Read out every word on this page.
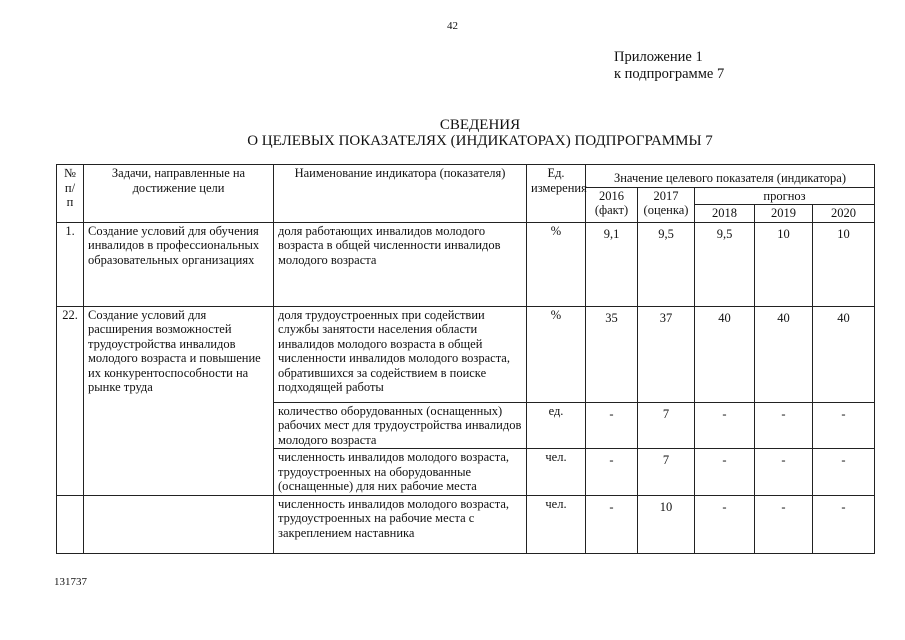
42
Приложение 1
к подпрограмме 7
СВЕДЕНИЯ
О ЦЕЛЕВЫХ ПОКАЗАТЕЛЯХ (ИНДИКАТОРАХ) ПОДПРОГРАММЫ 7
№ п/ п	Задачи, направленные на достижение цели	Наименование индикатора (показателя)	Ед. измерения	Значение целевого показателя (индикатора)				
				2016 (факт)	2017 (оценка)	прогноз		
						2018	2019	2020
1.	Создание условий для обучения инвалидов в профессиональных образовательных организациях	доля работающих инвалидов молодого возраста в общей численности инвалидов молодого возраста	%	9,1	9,5	9,5	10	10
22.	Создание условий для расширения возможностей трудоустройства инвалидов молодого возраста и повышение их конкурентоспособности на рынке труда	доля трудоустроенных при содействии службы занятости населения области инвалидов молодого возраста в общей численности инвалидов молодого возраста, обратившихся за содействием в поиске подходящей работы	%	35	37	40	40	40
		количество оборудованных (оснащенных) рабочих мест для трудоустройства инвалидов молодого возраста	ед.	-	7	-	-	-
		численность инвалидов молодого возраста, трудоустроенных на оборудованные (оснащенные) для них рабочие места	чел.	-	7	-	-	-
		численность инвалидов молодого возраста, трудоустроенных на рабочие места с закреплением наставника	чел.	-	10	-	-	-
131737
